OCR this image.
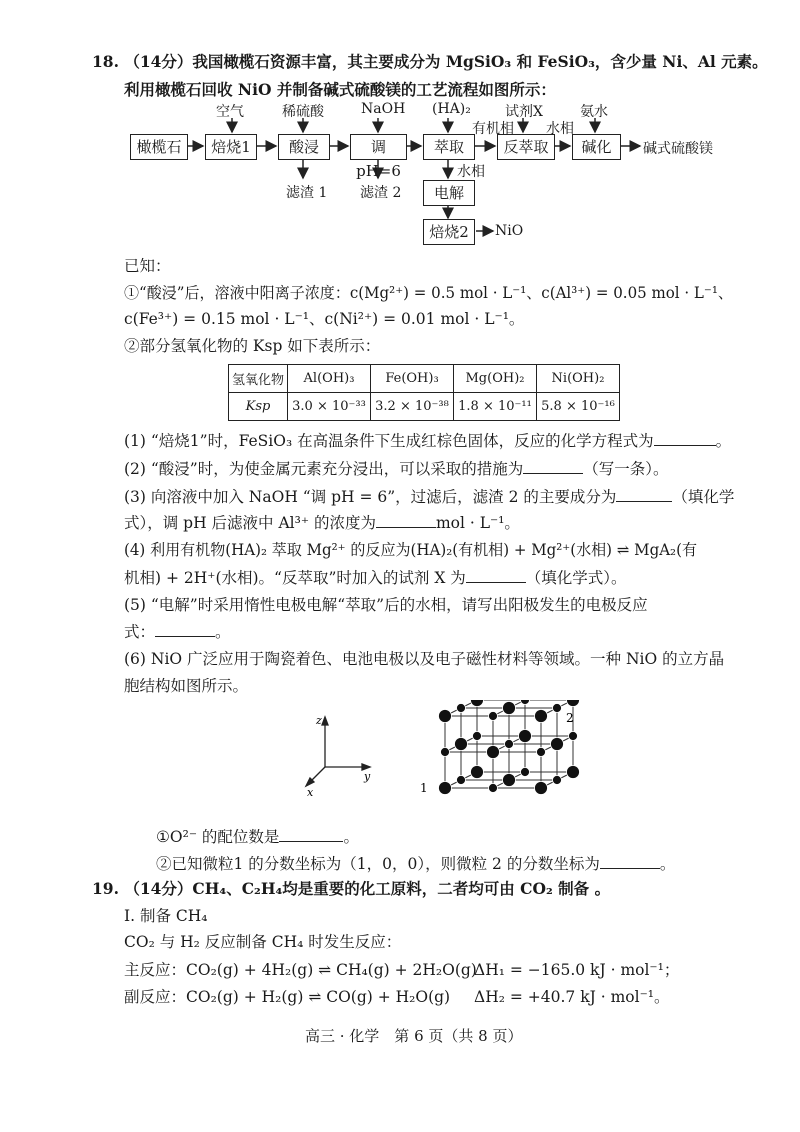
18. （14分）我国橄榄石资源丰富，其主要成分为 MgSiO₃ 和 FeSiO₃，含少量 Ni、Al 元素。
利用橄榄石回收 NiO 并制备碱式硫酸镁的工艺流程如图所示：
橄榄石	焙烧1	酸浸	调pH=6
萃取	反萃取	碱化
电解
焙烧2
空气	稀硫酸	NaOH (HA)₂ 试剂X	氨水
滤渣 1 滤渣 2
碱式硫酸镁
NiO
有机相 水相
水相
已知：
①“酸浸”后，溶液中阳离子浓度：c(Mg²⁺) = 0.5 mol · L⁻¹、c(Al³⁺) = 0.05 mol · L⁻¹、
c(Fe³⁺) = 0.15 mol · L⁻¹、c(Ni²⁺) = 0.01 mol · L⁻¹。
②部分氢氧化物的 Ksp 如下表所示：
氢氧化物	Al(OH)₃	Fe(OH)₃	Mg(OH)₂	Ni(OH)₂
Ksp	3.0 × 10⁻³³	3.2 × 10⁻³⁸	1.8 × 10⁻¹¹	5.8 × 10⁻¹⁶
(1) “焙烧1”时，FeSiO₃ 在高温条件下生成红棕色固体，反应的化学方程式为	。
(2) “酸浸”时，为使金属元素充分浸出，可以采取的措施为	（写一条）。
(3) 向溶液中加入 NaOH “调 pH = 6”，过滤后，滤渣 2 的主要成分为	（填化学
式），调 pH 后滤液中 Al³⁺ 的浓度为	mol · L⁻¹。
(4) 利用有机物(HA)₂ 萃取 Mg²⁺ 的反应为(HA)₂(有机相) + Mg²⁺(水相) ⇌ MgA₂(有
机相) + 2H⁺(水相)。“反萃取”时加入的试剂 X 为	（填化学式）。
(5) “电解”时采用惰性电极电解“萃取”后的水相，请写出阳极发生的电极反应
式：	。
(6) NiO 广泛应用于陶瓷着色、电池电极以及电子磁性材料等领域。一种 NiO 的立方晶
胞结构如图所示。
z
y
x	1
2
①O²⁻ 的配位数是	。
②已知微粒1 的分数坐标为（1，0，0），则微粒 2 的分数坐标为	。
19. （14分）CH₄、C₂H₄均是重要的化工原料，二者均可由 CO₂ 制备 。
Ⅰ. 制备 CH₄
CO₂ 与 H₂ 反应制备 CH₄ 时发生反应：
主反应：CO₂(g) + 4H₂(g) ⇌ CH₄(g) + 2H₂O(g)
ΔH₁ = −165.0 kJ · mol⁻¹；
副反应：CO₂(g) + H₂(g) ⇌ CO(g) + H₂O(g) ΔH₂ = +40.7 kJ · mol⁻¹。
高三 · 化学　第 6 页（共 8 页）
